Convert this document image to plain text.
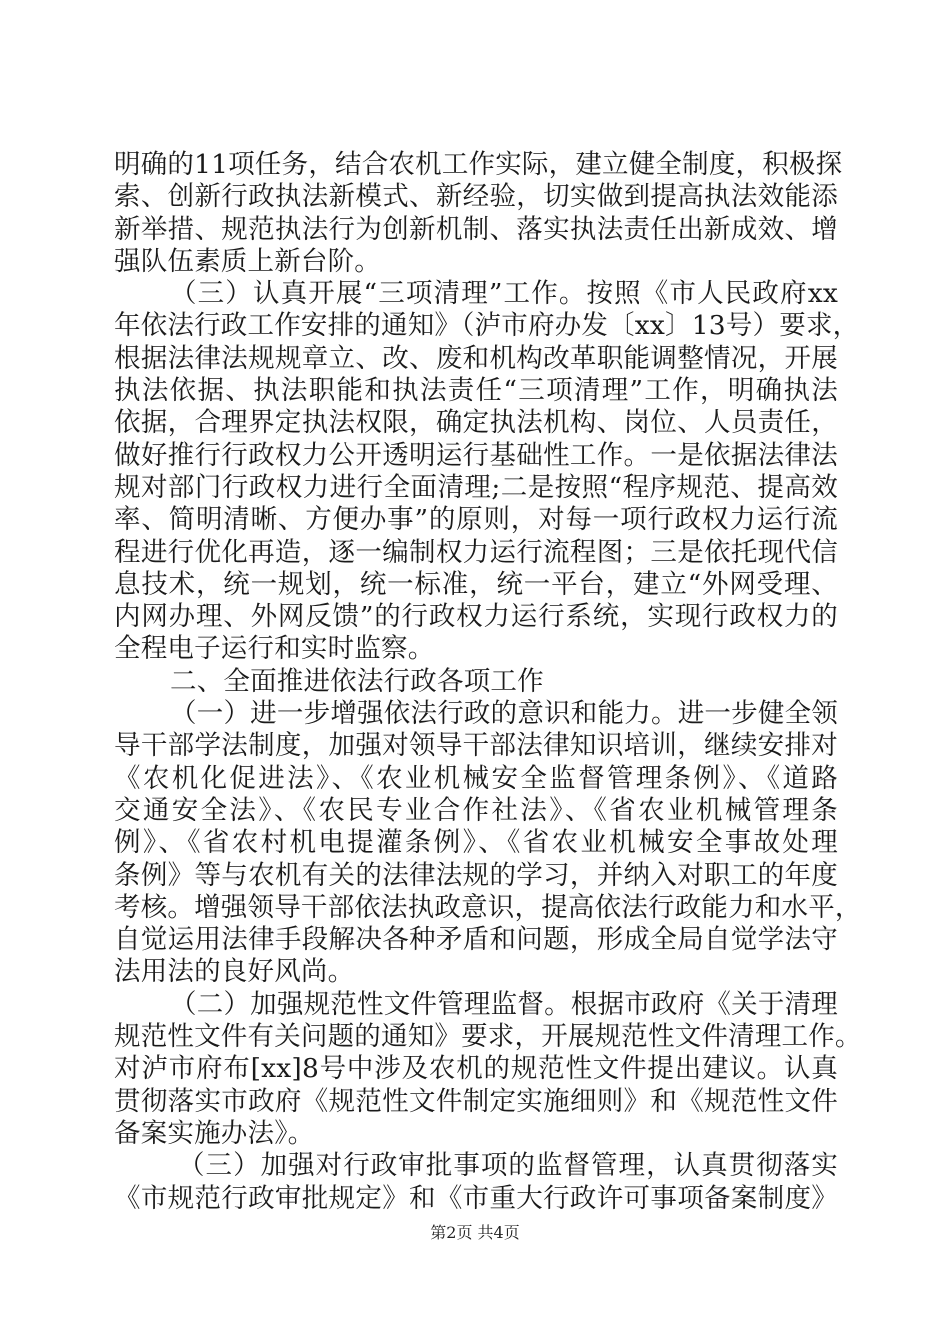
明确的11项任务，结合农机工作实际，建立健全制度，积极探
索、创新行政执法新模式、新经验，切实做到提高执法效能添
新举措、规范执法行为创新机制、落实执法责任出新成效、增
强队伍素质上新台阶。
（三）认真开展“三项清理”工作。按照《市人民政府xx
年依法行政工作安排的通知》（泸市府办发〔xx〕13号）要求，
根据法律法规规章立、改、废和机构改革职能调整情况，开展
执法依据、执法职能和执法责任“三项清理”工作，明确执法
依据，合理界定执法权限，确定执法机构、岗位、人员责任，
做好推行行政权力公开透明运行基础性工作。一是依据法律法
规对部门行政权力进行全面清理;二是按照“程序规范、提高效
率、简明清晰、方便办事”的原则，对每一项行政权力运行流
程进行优化再造，逐一编制权力运行流程图；三是依托现代信
息技术，统一规划，统一标准，统一平台，建立“外网受理、
内网办理、外网反馈”的行政权力运行系统，实现行政权力的
全程电子运行和实时监察。
二、全面推进依法行政各项工作
（一）进一步增强依法行政的意识和能力。进一步健全领
导干部学法制度，加强对领导干部法律知识培训，继续安排对
《农机化促进法》、《农业机械安全监督管理条例》、《道路
交通安全法》、《农民专业合作社法》、《省农业机械管理条
例》、《省农村机电提灌条例》、《省农业机械安全事故处理
条例》等与农机有关的法律法规的学习，并纳入对职工的年度
考核。增强领导干部依法执政意识，提高依法行政能力和水平，
自觉运用法律手段解决各种矛盾和问题，形成全局自觉学法守
法用法的良好风尚。
（二）加强规范性文件管理监督。根据市政府《关于清理
规范性文件有关问题的通知》要求，开展规范性文件清理工作。
对泸市府布[xx]8号中涉及农机的规范性文件提出建议。认真
贯彻落实市政府《规范性文件制定实施细则》和《规范性文件
备案实施办法》。
（三）加强对行政审批事项的监督管理，认真贯彻落实
《市规范行政审批规定》和《市重大行政许可事项备案制度》
第2页 共4页
